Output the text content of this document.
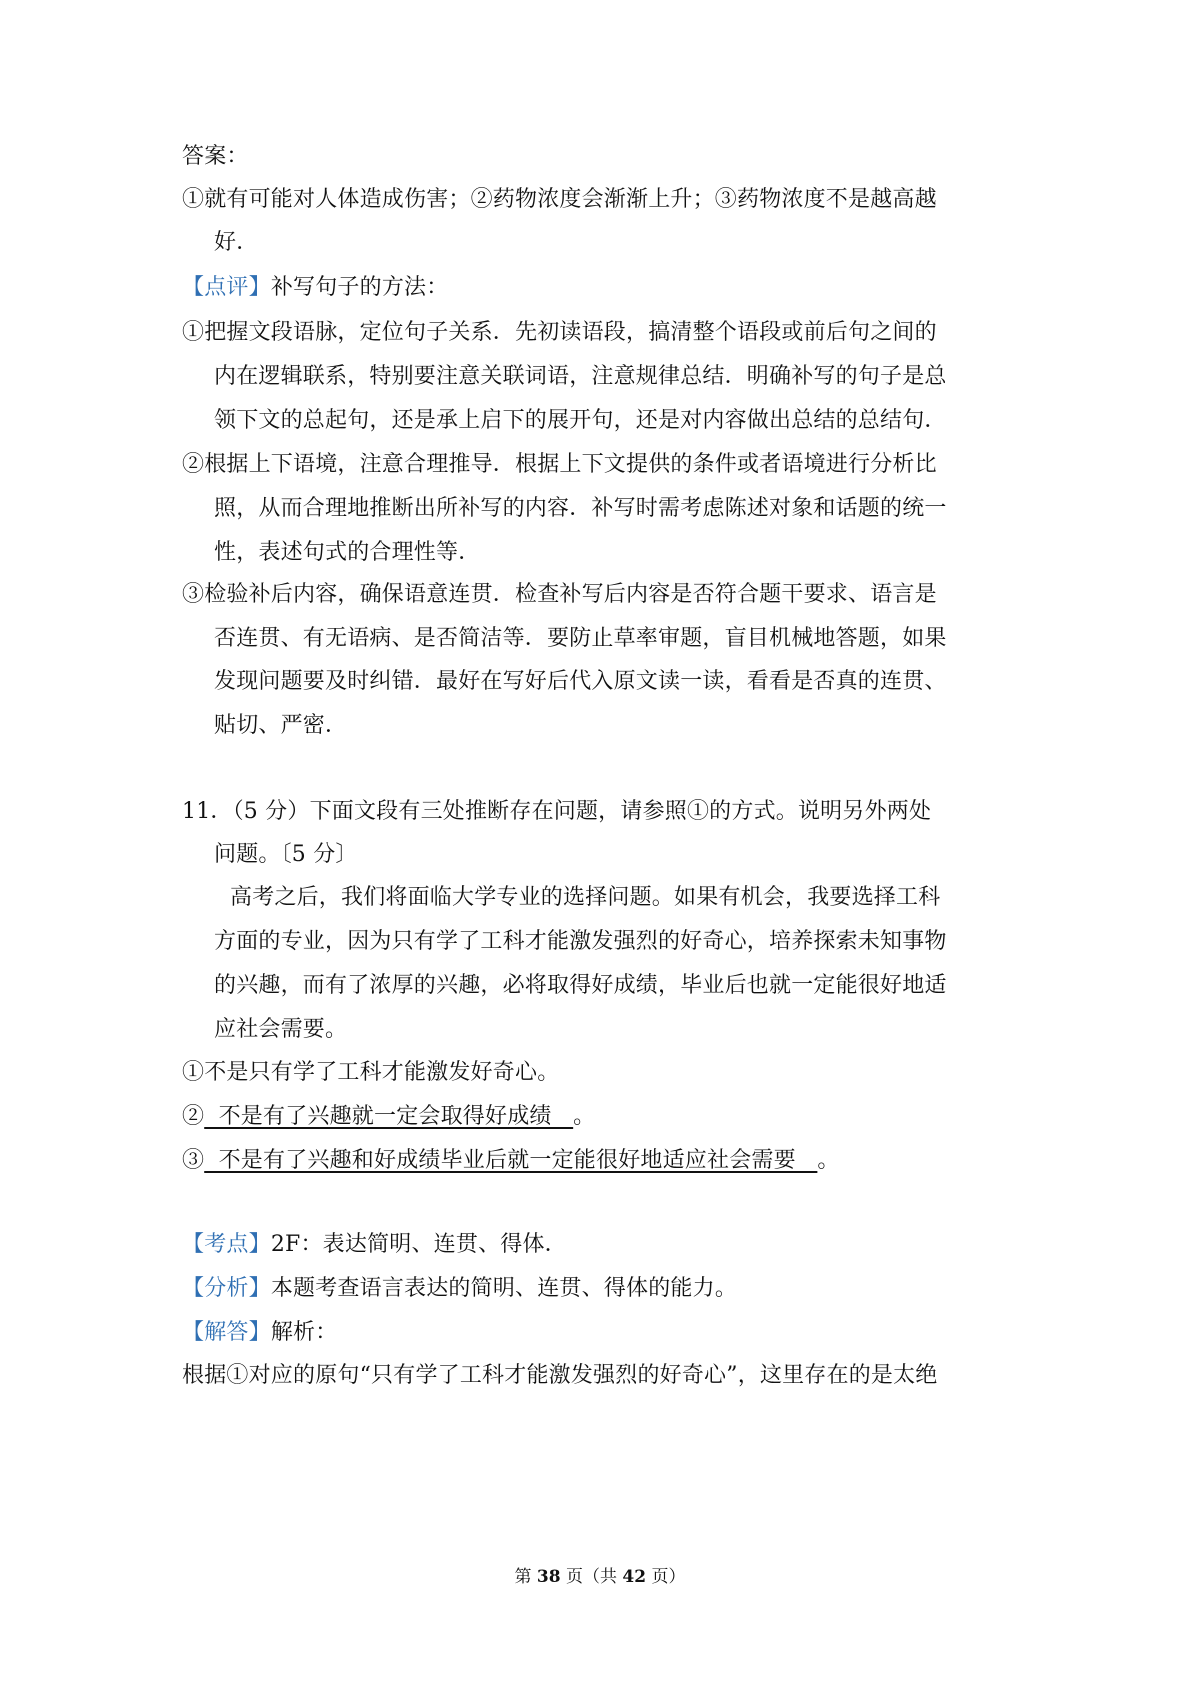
答案：
①就有可能对人体造成伤害；②药物浓度会渐渐上升；③药物浓度不是越高越
好．
【点评】补写句子的方法：
①把握文段语脉，定位句子关系．先初读语段，搞清整个语段或前后句之间的
内在逻辑联系，特别要注意关联词语，注意规律总结．明确补写的句子是总
领下文的总起句，还是承上启下的展开句，还是对内容做出总结的总结句．
②根据上下语境，注意合理推导．根据上下文提供的条件或者语境进行分析比
照，从而合理地推断出所补写的内容．补写时需考虑陈述对象和话题的统一
性，表述句式的合理性等．
③检验补后内容，确保语意连贯．检查补写后内容是否符合题干要求、语言是
否连贯、有无语病、是否简洁等．要防止草率审题，盲目机械地答题，如果
发现问题要及时纠错．最好在写好后代入原文读一读，看看是否真的连贯、
贴切、严密．
11．（5 分）下面文段有三处推断存在问题，请参照①的方式。说明另外两处
问题。〔5 分〕
高考之后，我们将面临大学专业的选择问题。如果有机会，我要选择工科
方面的专业，因为只有学了工科才能激发强烈的好奇心，培养探索未知事物
的兴趣，而有了浓厚的兴趣，必将取得好成绩，毕业后也就一定能很好地适
应社会需要。
①不是只有学了工科才能激发好奇心。
②  不是有了兴趣就一定会取得好成绩   。
③  不是有了兴趣和好成绩毕业后就一定能很好地适应社会需要   。
【考点】2F：表达简明、连贯、得体．
【分析】本题考查语言表达的简明、连贯、得体的能力。
【解答】解析：
根据①对应的原句“只有学了工科才能激发强烈的好奇心”，这里存在的是太绝
第 38 页（共 42 页）
